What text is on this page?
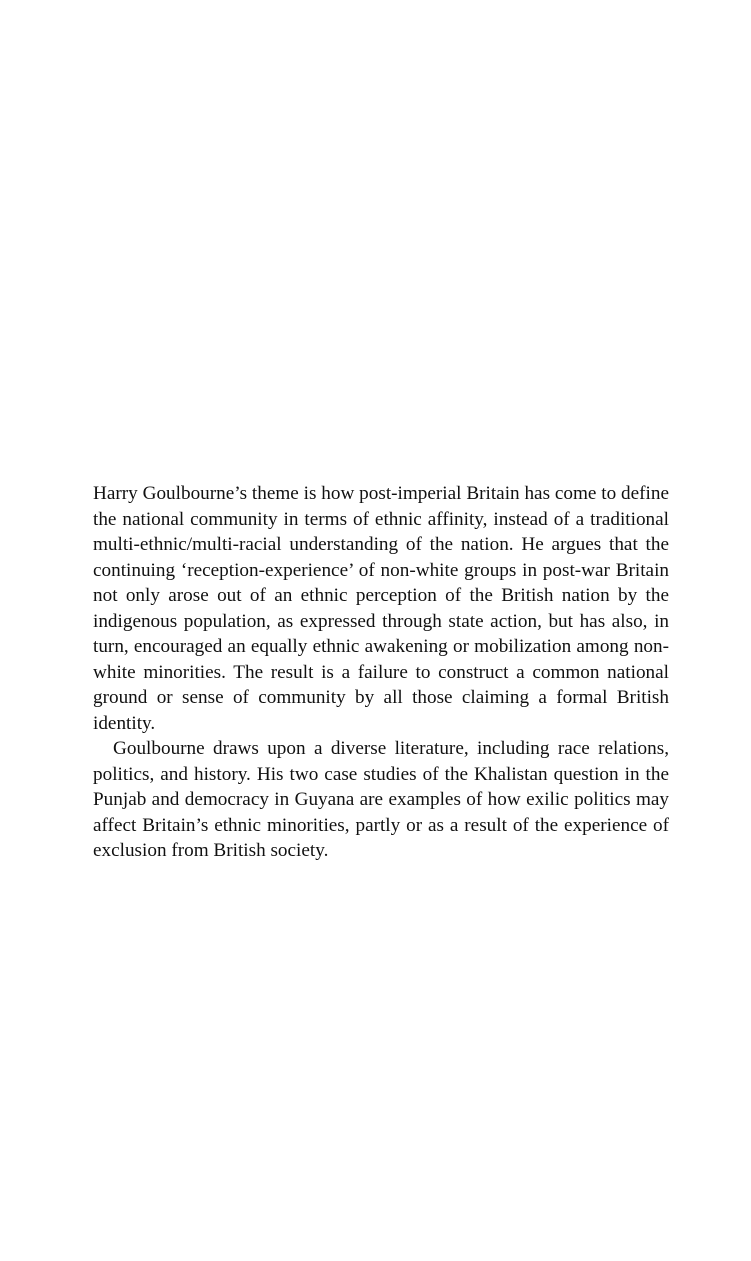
Harry Goulbourne’s theme is how post-imperial Britain has come to define the national community in terms of ethnic affinity, instead of a traditional multi-ethnic/multi-racial understanding of the nation. He argues that the continuing ‘reception-experience’ of non-white groups in post-war Britain not only arose out of an ethnic perception of the British nation by the indigenous population, as expressed through state action, but has also, in turn, encouraged an equally ethnic awakening or mobilization among non-white minorities. The result is a failure to construct a common national ground or sense of community by all those claiming a formal British identity.

Goulbourne draws upon a diverse literature, including race relations, politics, and history. His two case studies of the Khalistan question in the Punjab and democracy in Guyana are examples of how exilic politics may affect Britain’s ethnic minorities, partly or as a result of the experience of exclusion from British society.
